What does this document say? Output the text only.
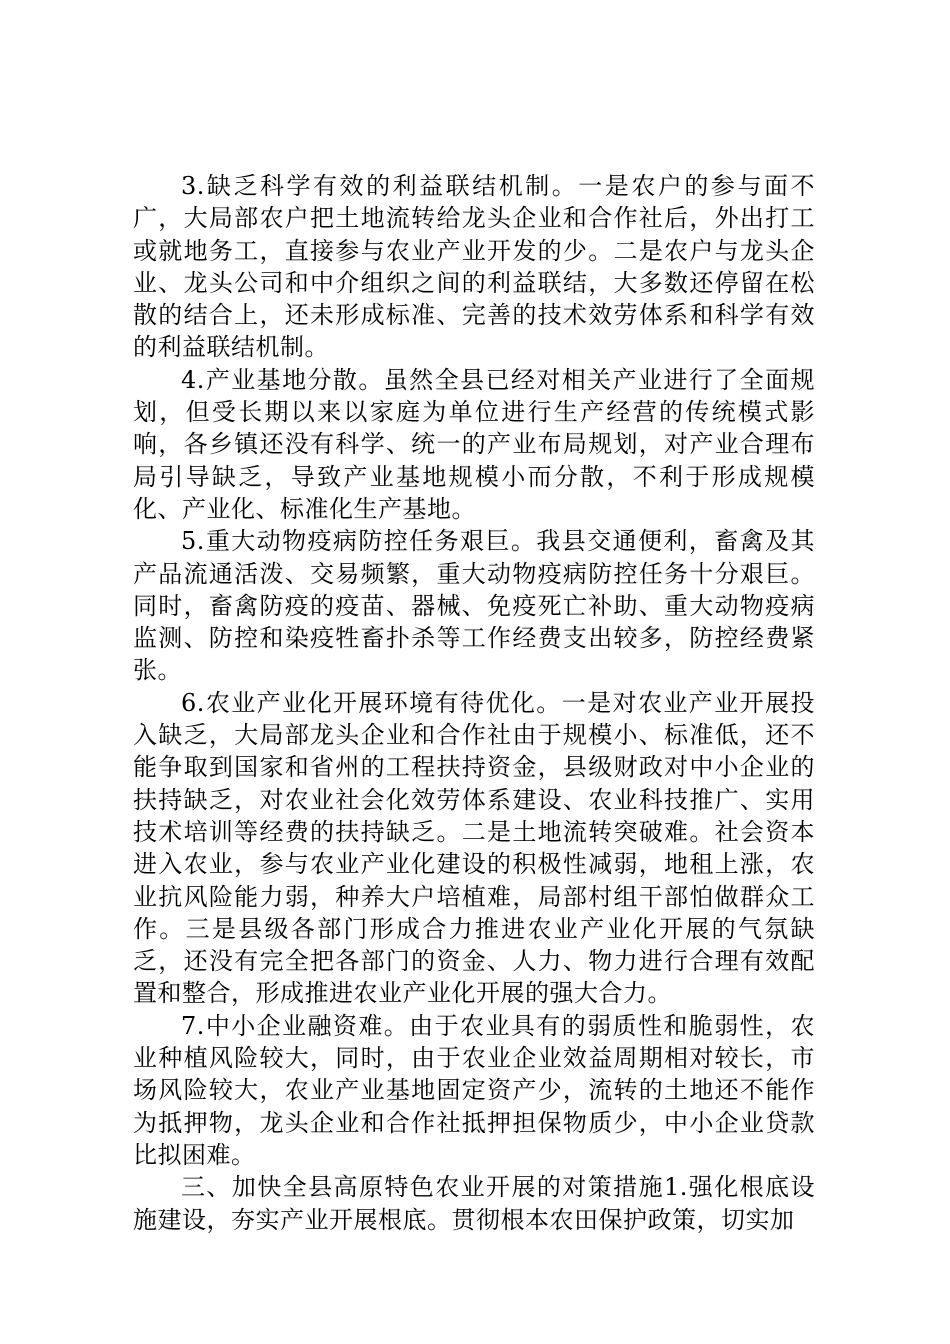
3.缺乏科学有效的利益联结机制。一是农户的参与面不广，大局部农户把土地流转给龙头企业和合作社后，外出打工或就地务工，直接参与农业产业开发的少。二是农户与龙头企业、龙头公司和中介组织之间的利益联结，大多数还停留在松散的结合上，还未形成标准、完善的技术效劳体系和科学有效的利益联结机制。

4.产业基地分散。虽然全县已经对相关产业进行了全面规划，但受长期以来以家庭为单位进行生产经营的传统模式影响，各乡镇还没有科学、统一的产业布局规划，对产业合理布局引导缺乏，导致产业基地规模小而分散，不利于形成规模化、产业化、标准化生产基地。

5.重大动物疫病防控任务艰巨。我县交通便利，畜禽及其产品流通活泼、交易频繁，重大动物疫病防控任务十分艰巨。同时，畜禽防疫的疫苗、器械、免疫死亡补助、重大动物疫病监测、防控和染疫牲畜扑杀等工作经费支出较多，防控经费紧张。

6.农业产业化开展环境有待优化。一是对农业产业开展投入缺乏，大局部龙头企业和合作社由于规模小、标准低，还不能争取到国家和省州的工程扶持资金，县级财政对中小企业的扶持缺乏，对农业社会化效劳体系建设、农业科技推广、实用技术培训等经费的扶持缺乏。二是土地流转突破难。社会资本进入农业，参与农业产业化建设的积极性减弱，地租上涨，农业抗风险能力弱，种养大户培植难，局部村组干部怕做群众工作。三是县级各部门形成合力推进农业产业化开展的气氛缺乏，还没有完全把各部门的资金、人力、物力进行合理有效配置和整合，形成推进农业产业化开展的强大合力。

7.中小企业融资难。由于农业具有的弱质性和脆弱性，农业种植风险较大，同时，由于农业企业效益周期相对较长，市场风险较大，农业产业基地固定资产少，流转的土地还不能作为抵押物，龙头企业和合作社抵押担保物质少，中小企业贷款比拟困难。

三、加快全县高原特色农业开展的对策措施1.强化根底设施建设，夯实产业开展根底。贯彻根本农田保护政策，切实加
